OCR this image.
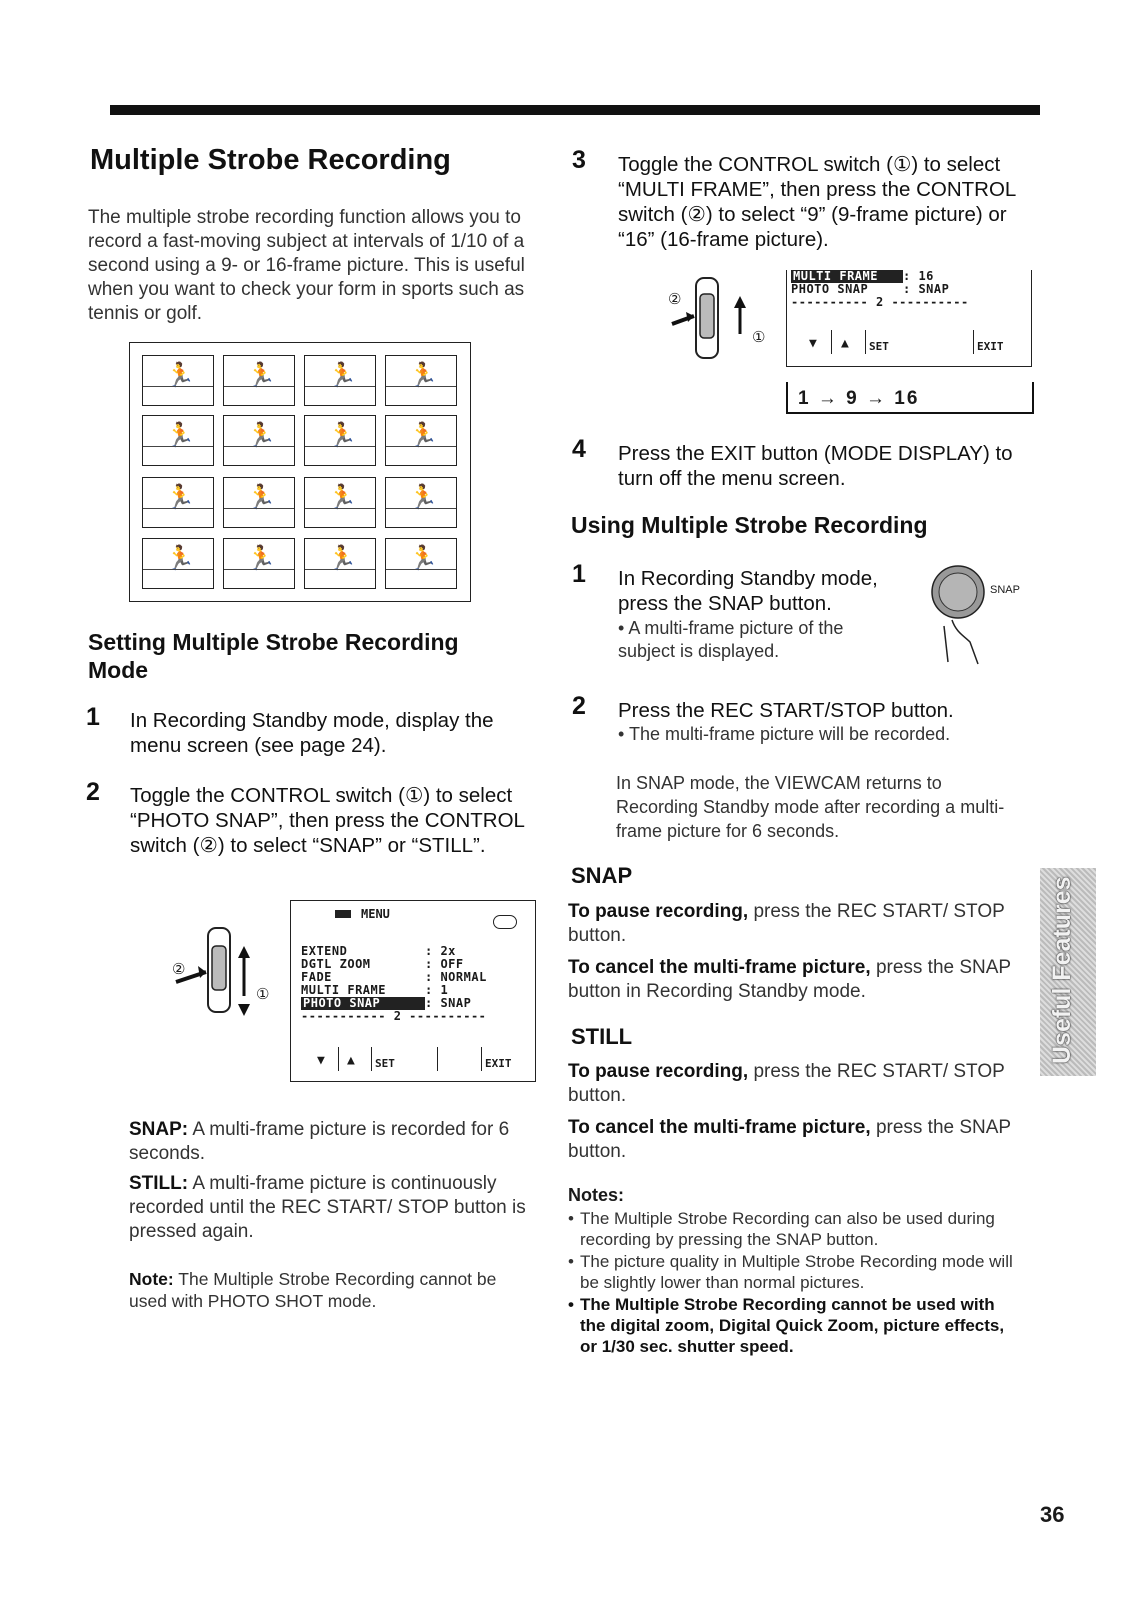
Multiple Strobe Recording
The multiple strobe recording function allows you to record a fast-moving subject at intervals of 1/10 of a second using a 9- or 16-frame picture. This is useful when you want to check your form in sports such as tennis or golf.
🏃 🏃 🏃 🏃
🏃 🏃 🏃 🏃
🏃 🏃 🏃 🏃
🏃 🏃 🏃 🏃
Setting Multiple Strobe Recording
Mode
1 In Recording Standby mode, display the menu screen (see page 24).
2 Toggle the CONTROL switch (①) to select “PHOTO SNAP”, then press the CONTROL switch (②) to select “SNAP” or “STILL”.
②
①
MENU
EXTEND	: 2x
DGTL ZOOM	: OFF
FADE	: NORMAL
MULTI FRAME	: 1
PHOTO SNAP	: SNAP
----------- 2 ----------
▼ ▲ SET	EXIT
SNAP: A multi-frame picture is recorded for 6 seconds.
STILL: A multi-frame picture is continuously recorded until the REC START/ STOP button is pressed again.
Note: The Multiple Strobe Recording cannot be used with PHOTO SHOT mode.
3 Toggle the CONTROL switch (①) to select “MULTI FRAME”, then press the CONTROL switch (②) to select “9” (9-frame picture) or “16” (16-frame picture).
②
①
MULTI FRAME : 16
PHOTO SNAP	: SNAP
---------- 2 ----------
▼ ▲ SET	EXIT
1 → 9 → 16
4 Press the EXIT button (MODE DISPLAY) to turn off the menu screen.
Using Multiple Strobe Recording
1 In Recording Standby mode, press the SNAP button.
• A multi-frame picture of the subject is displayed.
SNAP
2 Press the REC START/STOP button.
• The multi-frame picture will be recorded.
In SNAP mode, the VIEWCAM returns to Recording Standby mode after recording a multi-frame picture for 6 seconds.
SNAP
To pause recording, press the REC START/ STOP button.
To cancel the multi-frame picture, press the SNAP button in Recording Standby mode.
STILL
To pause recording, press the REC START/ STOP button.
To cancel the multi-frame picture, press the SNAP button.
Notes:
• The Multiple Strobe Recording can also be used during recording by pressing the SNAP button.
• The picture quality in Multiple Strobe Recording mode will be slightly lower than normal pictures.
• The Multiple Strobe Recording cannot be used with the digital zoom, Digital Quick Zoom, picture effects, or 1/30 sec. shutter speed.
Useful Features
36
